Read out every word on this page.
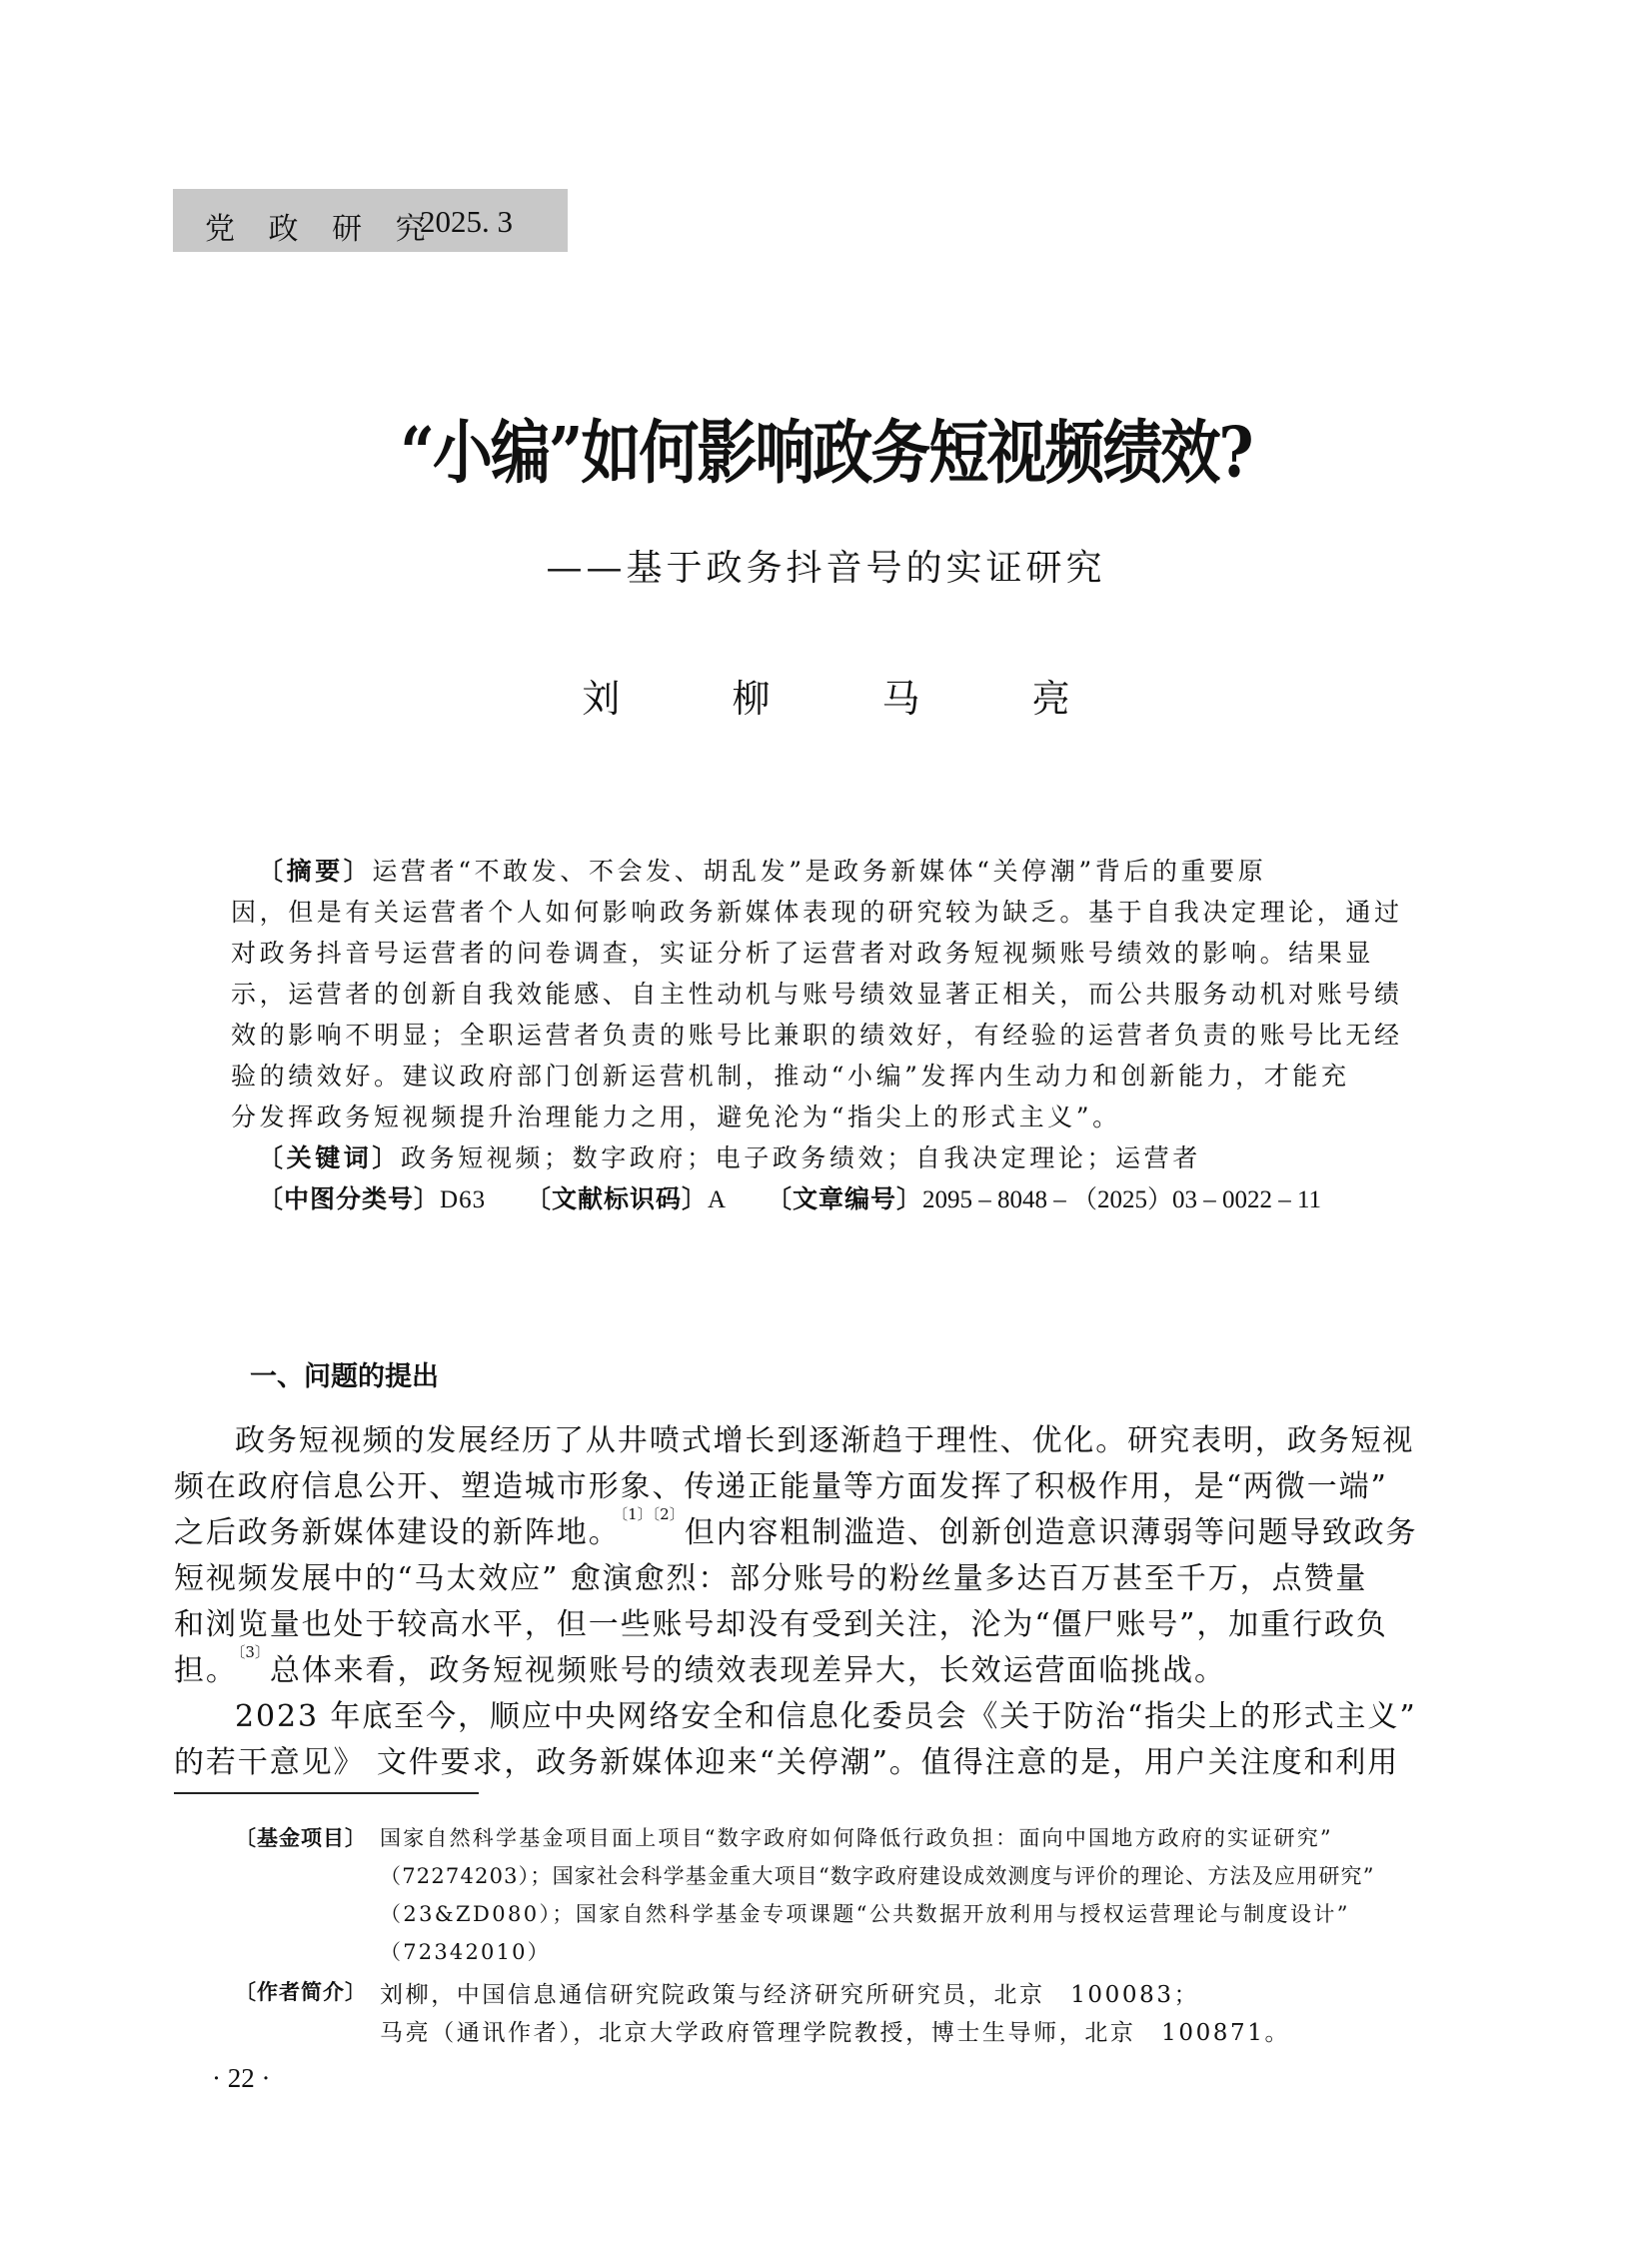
党 政 研 究
2025. 3
“小编”如何影响政务短视频绩效?
——基于政务抖音号的实证研究
刘 柳 马 亮
〔摘要〕运营者“不敢发、不会发、胡乱发”是政务新媒体“关停潮”背后的重要原
因，但是有关运营者个人如何影响政务新媒体表现的研究较为缺乏。基于自我决定理论，通过
对政务抖音号运营者的问卷调查，实证分析了运营者对政务短视频账号绩效的影响。结果显
示，运营者的创新自我效能感、自主性动机与账号绩效显著正相关，而公共服务动机对账号绩
效的影响不明显；全职运营者负责的账号比兼职的绩效好，有经验的运营者负责的账号比无经
验的绩效好。建议政府部门创新运营机制，推动“小编”发挥内生动力和创新能力，才能充
分发挥政务短视频提升治理能力之用，避免沦为“指尖上的形式主义”。
〔关键词〕政务短视频；数字政府；电子政务绩效；自我决定理论；运营者
〔中图分类号〕D63 〔文献标识码〕A 〔文章编号〕2095 – 8048 – （2025）03 – 0022 – 11
一、问题的提出
政务短视频的发展经历了从井喷式增长到逐渐趋于理性、优化。研究表明，政务短视
频在政府信息公开、塑造城市形象、传递正能量等方面发挥了积极作用，是“两微一端”
之后政务新媒体建设的新阵地。$^{〔1〕〔2〕}$但内容粗制滥造、创新创造意识薄弱等问题导致政务
短视频发展中的“马太效应” 愈演愈烈：部分账号的粉丝量多达百万甚至千万，点赞量
和浏览量也处于较高水平，但一些账号却没有受到关注，沦为“僵尸账号”，加重行政负
担。$^{〔3〕}$总体来看，政务短视频账号的绩效表现差异大，长效运营面临挑战。
2023 年底至今，顺应中央网络安全和信息化委员会《关于防治“指尖上的形式主义”
的若干意见》 文件要求，政务新媒体迎来“关停潮”。值得注意的是，用户关注度和利用
〔基金项目〕 国家自然科学基金项目面上项目“数字政府如何降低行政负担：面向中国地方政府的实证研究”
（72274203）；国家社会科学基金重大项目“数字政府建设成效测度与评价的理论、方法及应用研究”
（23&ZD080）；国家自然科学基金专项课题“公共数据开放利用与授权运营理论与制度设计”
（72342010）
〔作者简介〕 刘柳，中国信息通信研究院政策与经济研究所研究员，北京　100083；
马亮（通讯作者），北京大学政府管理学院教授，博士生导师，北京　100871。
· 22 ·
